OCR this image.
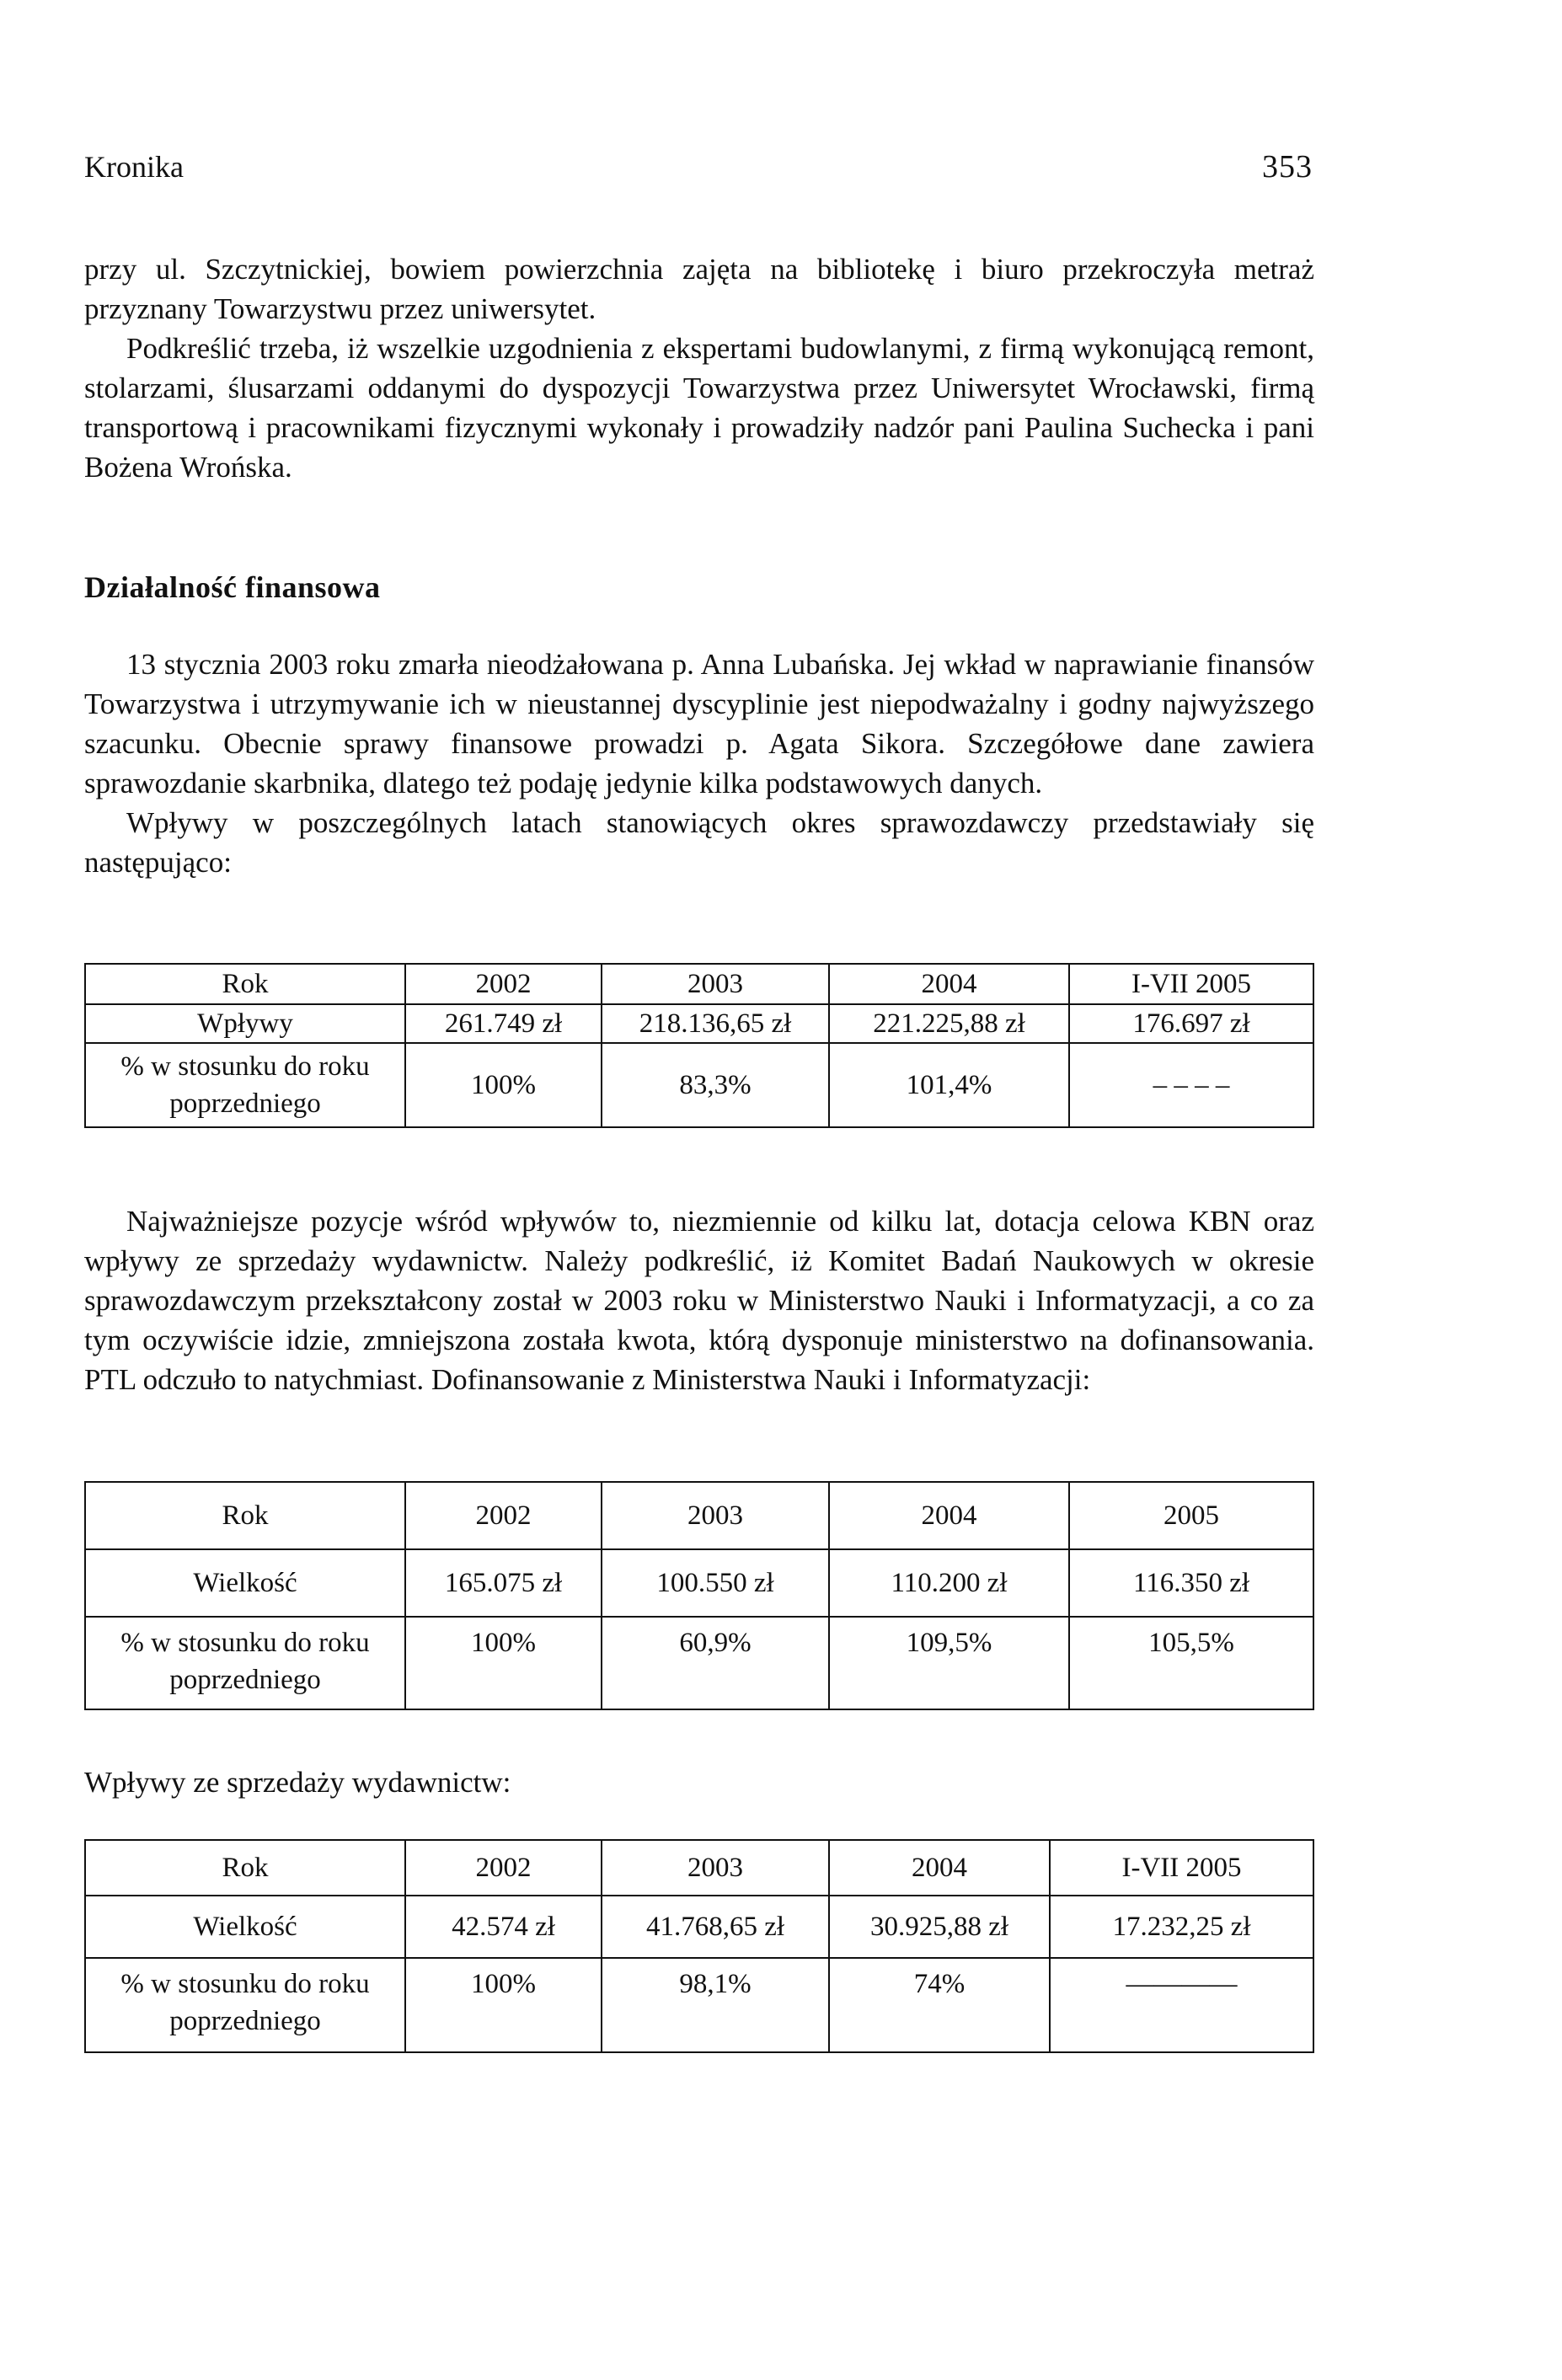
Kronika	353

przy ul. Szczytnickiej, bowiem powierzchnia zajęta na bibliotekę i biuro przekroczyła metraż przyznany Towarzystwu przez uniwersytet.

Podkreślić trzeba, iż wszelkie uzgodnienia z ekspertami budowlanymi, z firmą wykonującą remont, stolarzami, ślusarzami oddanymi do dyspozycji Towarzystwa przez Uniwersytet Wrocławski, firmą transportową i pracownikami fizycznymi wykonały i prowadziły nadzór pani Paulina Suchecka i pani Bożena Wrońska.

Działalność finansowa

13 stycznia 2003 roku zmarła nieodżałowana p. Anna Lubańska. Jej wkład w naprawianie finansów Towarzystwa i utrzymywanie ich w nieustannej dyscyplinie jest niepodważalny i godny najwyższego szacunku. Obecnie sprawy finansowe prowadzi p. Agata Sikora. Szczegółowe dane zawiera sprawozdanie skarbnika, dlatego też podaję jedynie kilka podstawowych danych.

Wpływy w poszczególnych latach stanowiących okres sprawozdawczy przedstawiały się następująco:

Rok	2002	2003	2004	I-VII 2005
Wpływy	261.749 zł	218.136,65 zł	221.225,88 zł	176.697 zł
% w stosunku do roku poprzedniego	100%	83,3%	101,4%	– – – –

Najważniejsze pozycje wśród wpływów to, niezmiennie od kilku lat, dotacja celowa KBN oraz wpływy ze sprzedaży wydawnictw. Należy podkreślić, iż Komitet Badań Naukowych w okresie sprawozdawczym przekształcony został w 2003 roku w Ministerstwo Nauki i Informatyzacji, a co za tym oczywiście idzie, zmniejszona została kwota, którą dysponuje ministerstwo na dofinansowania. PTL odczuło to natychmiast. Dofinansowanie z Ministerstwa Nauki i Informatyzacji:

Rok	2002	2003	2004	2005
Wielkość	165.075 zł	100.550 zł	110.200 zł	116.350 zł
% w stosunku do roku poprzedniego	100%	60,9%	109,5%	105,5%
Wpływy ze sprzedaży wydawnictw:
Rok	2002	2003	2004	I-VII 2005
Wielkość	42.574 zł	41.768,65 zł	30.925,88 zł	17.232,25 zł
% w stosunku do roku poprzedniego	100%	98,1%	74%	————
